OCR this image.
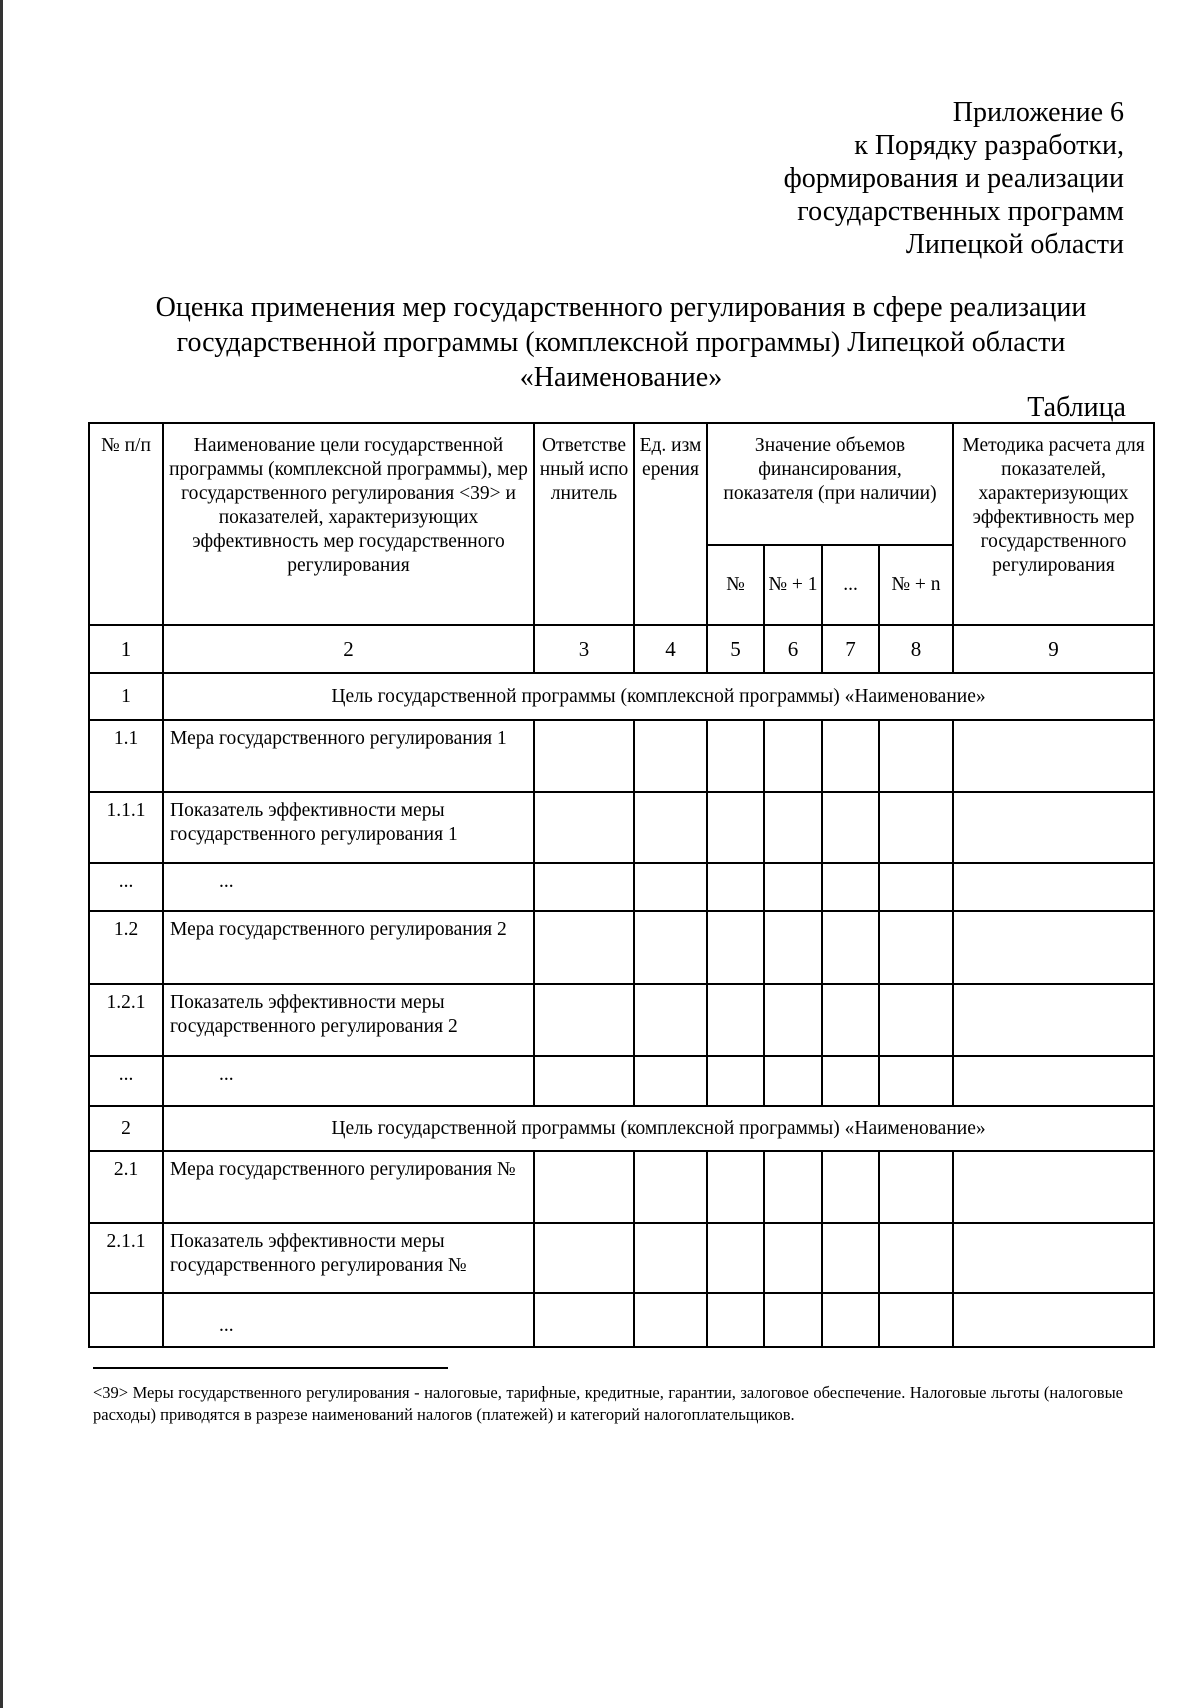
Приложение 6
к Порядку разработки,
формирования и реализации
государственных программ
Липецкой области
Оценка применения мер государственного регулирования в сфере реализации
государственной программы (комплексной программы) Липецкой области
«Наименование»
Таблица
№ п/п	Наименование цели государственной программы (комплексной программы), мер государственного регулирования <39> и показателей, характеризующих эффективность мер государственного регулирования	Ответственный исполнитель	Ед. измерения	Значение объемов финансирования, показателя (при наличии)				Методика расчета для показателей, характеризующих эффективность мер государственного регулирования
				№	№ + 1	...	№ + n	
1	2	3	4	5	6	7	8	9
1	Цель государственной программы (комплексной программы) «Наименование»							
1.1	Мера государственного регулирования 1							
1.1.1	Показатель эффективности меры государственного регулирования 1							
...	...							
1.2	Мера государственного регулирования 2							
1.2.1	Показатель эффективности меры государственного регулирования 2							
...	...							
2	Цель государственной программы (комплексной программы) «Наименование»							
2.1	Мера государственного регулирования №							
2.1.1	Показатель эффективности меры государственного регулирования №							
	...							
<39> Меры государственного регулирования - налоговые, тарифные, кредитные, гарантии, залоговое обеспечение. Налоговые льготы (налоговые расходы) приводятся в разрезе наименований налогов (платежей) и категорий налогоплательщиков.
